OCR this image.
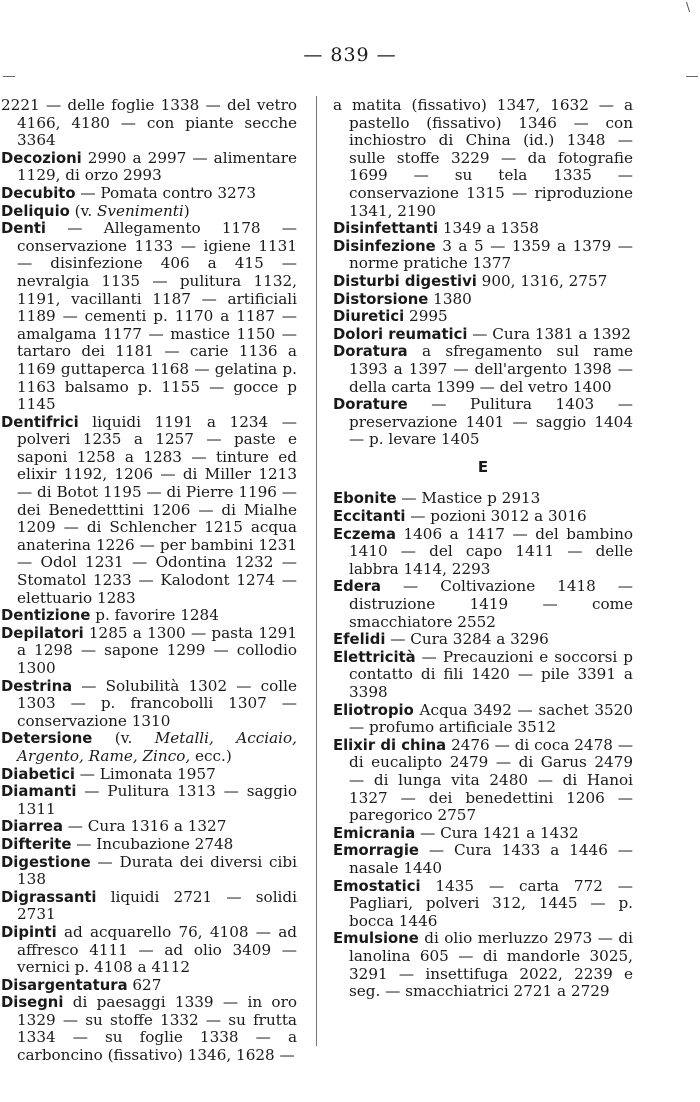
\
— 839 —

2221 — delle foglie 1338 — del vetro 4166, 4180 — con piante secche 3364

Decozioni 2990 a 2997 — alimentare 1129, di orzo 2993

Decubito — Pomata contro 3273

Deliquio (v. Svenimenti)

Denti — Allegamento 1178 — conservazione 1133 — igiene 1131 — disinfezione 406 a 415 — nevralgia 1135 — pulitura 1132, 1191, vacillanti 1187 — artificiali 1189 — cementi p. 1170 a 1187 — amalgama 1177 — mastice 1150 — tartaro dei 1181 — carie 1136 a 1169 guttaperca 1168 — gelatina p. 1163 balsamo p. 1155 — gocce p 1145

Dentifrici liquidi 1191 a 1234 — polveri 1235 a 1257 — paste e saponi 1258 a 1283 — tinture ed elixir 1192, 1206 — di Miller 1213 — di Botot 1195 — di Pierre 1196 — dei Benedetttini 1206 — di Mialhe 1209 — di Schlencher 1215 acqua anaterina 1226 — per bambini 1231 — Odol 1231 — Odontina 1232 — Stomatol 1233 — Kalodont 1274 — elettuario 1283

Dentizione p. favorire 1284

Depilatori 1285 a 1300 — pasta 1291 a 1298 — sapone 1299 — collodio 1300

Destrina — Solubilità 1302 — colle 1303 — p. francobolli 1307 — conservazione 1310

Detersione (v. Metalli, Acciaio, Argento, Rame, Zinco, ecc.)

Diabetici — Limonata 1957

Diamanti — Pulitura 1313 — saggio 1311

Diarrea — Cura 1316 a 1327

Difterite — Incubazione 2748

Digestione — Durata dei diversi cibi 138

Digrassanti liquidi 2721 — solidi 2731

Dipinti ad acquarello 76, 4108 — ad affresco 4111 — ad olio 3409 — vernici p. 4108 a 4112

Disargentatura 627

Disegni di paesaggi 1339 — in oro 1329 — su stoffe 1332 — su frutta 1334 — su foglie 1338 — a carboncino (fissativo) 1346, 1628 —

a matita (fissativo) 1347, 1632 — a pastello (fissativo) 1346 — con inchiostro di China (id.) 1348 — sulle stoffe 3229 — da fotografie 1699 — su tela 1335 — conservazione 1315 — riproduzione 1341, 2190

Disinfettanti 1349 a 1358

Disinfezione 3 a 5 — 1359 a 1379 — norme pratiche 1377

Disturbi digestivi 900, 1316, 2757

Distorsione 1380

Diuretici 2995

Dolori reumatici — Cura 1381 a 1392

Doratura a sfregamento sul rame 1393 a 1397 — dell'argento 1398 — della carta 1399 — del vetro 1400

Dorature — Pulitura 1403 — preservazione 1401 — saggio 1404 — p. levare 1405

E

Ebonite — Mastice p 2913

Eccitanti — pozioni 3012 a 3016

Eczema 1406 a 1417 — del bambino 1410 — del capo 1411 — delle labbra 1414, 2293

Edera — Coltivazione 1418 — distruzione 1419 — come smacchiatore 2552

Efelidi — Cura 3284 a 3296

Elettricità — Precauzioni e soccorsi p contatto di fili 1420 — pile 3391 a 3398

Eliotropio Acqua 3492 — sachet 3520 — profumo artificiale 3512

Elixir di china 2476 — di coca 2478 — di eucalipto 2479 — di Garus 2479 — di lunga vita 2480 — di Hanoi 1327 — dei benedettini 1206 — paregorico 2757

Emicrania — Cura 1421 a 1432

Emorragie — Cura 1433 a 1446 — nasale 1440

Emostatici 1435 — carta 772 — Pagliari, polveri 312, 1445 — p. bocca 1446

Emulsione di olio merluzzo 2973 — di lanolina 605 — di mandorle 3025, 3291 — insettifuga 2022, 2239 e seg. — smacchiatrici 2721 a 2729
